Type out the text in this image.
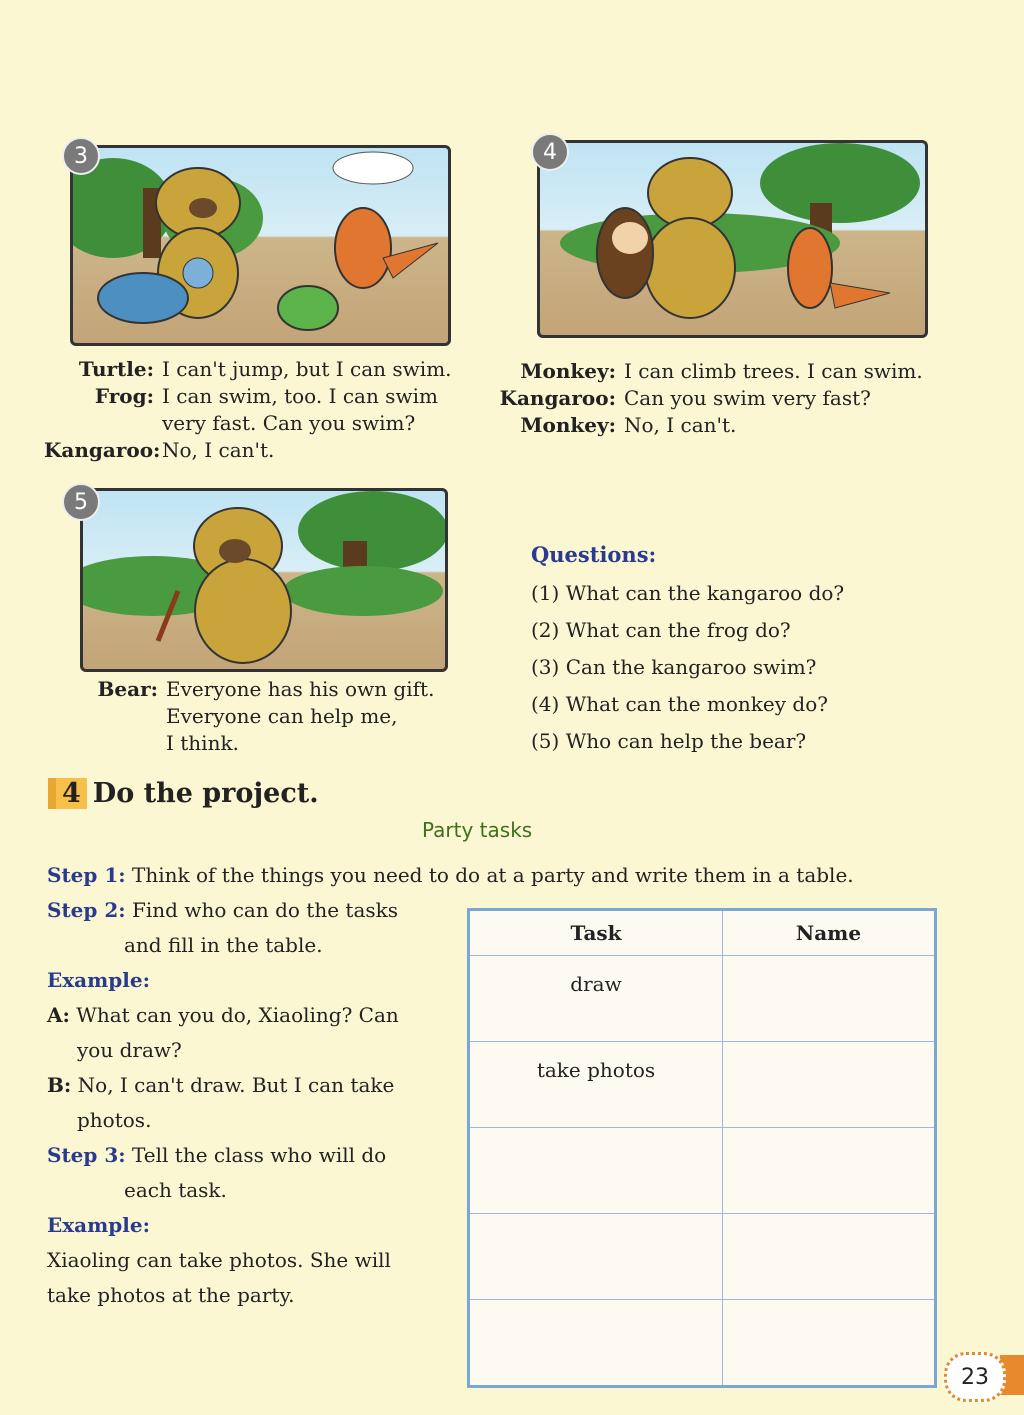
3	4
5
Turtle: I can't jump, but I can swim.
Frog: I can swim, too. I can swim
very fast. Can you swim?
Kangaroo: No, I can't.
Monkey: I can climb trees. I can swim.
Kangaroo: Can you swim very fast?
Monkey: No, I can't.
Bear: Everyone has his own gift.
Everyone can help me,
I think.
Questions:
(1) What can the kangaroo do?
(2) What can the frog do?
(3) Can the kangaroo swim?
(4) What can the monkey do?
(5) Who can help the bear?
4 Do the project.
Party tasks
Step 1: Think of the things you need to do at a party and write them in a table.
Step 2: Find who can do the tasks
and fill in the table.
Example:
A: What can you do, Xiaoling? Can
you draw?
B: No, I can't draw. But I can take
photos.
Step 3: Tell the class who will do
each task.
Example:
Xiaoling can take photos. She will
take photos at the party.
Task	Name
draw	
take photos	

23
